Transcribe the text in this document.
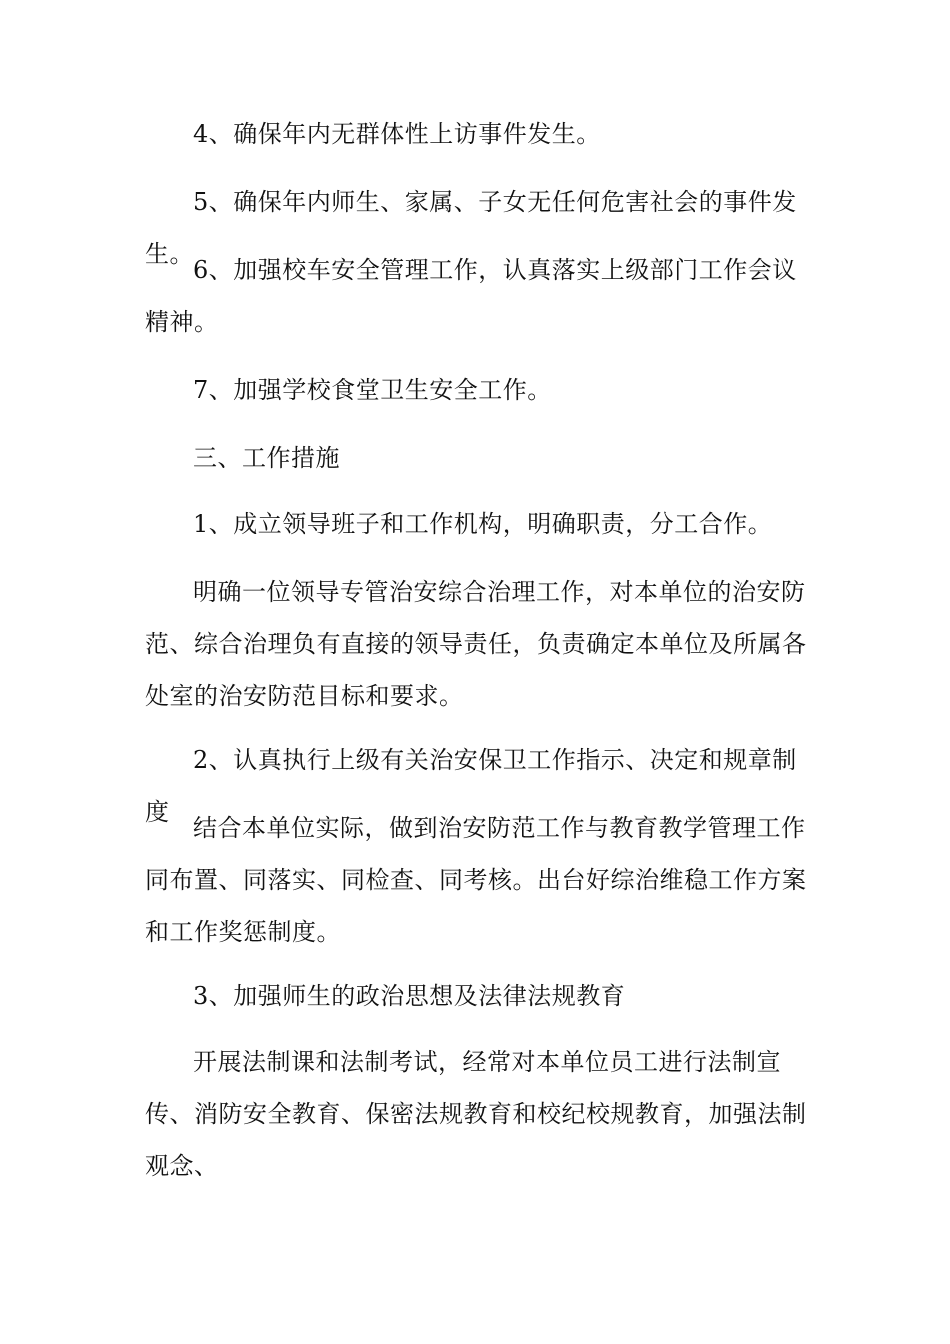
4、确保年内无群体性上访事件发生。

5、确保年内师生、家属、子女无任何危害社会的事件发生。

6、加强校车安全管理工作，认真落实上级部门工作会议精神。

7、加强学校食堂卫生安全工作。

三、工作措施

1、成立领导班子和工作机构，明确职责，分工合作。

明确一位领导专管治安综合治理工作，对本单位的治安防范、综合治理负有直接的领导责任，负责确定本单位及所属各处室的治安防范目标和要求。

2、认真执行上级有关治安保卫工作指示、决定和规章制度

结合本单位实际，做到治安防范工作与教育教学管理工作同布置、同落实、同检查、同考核。出台好综治维稳工作方案和工作奖惩制度。

3、加强师生的政治思想及法律法规教育

开展法制课和法制考试，经常对本单位员工进行法制宣传、消防安全教育、保密法规教育和校纪校规教育，加强法制观念、
